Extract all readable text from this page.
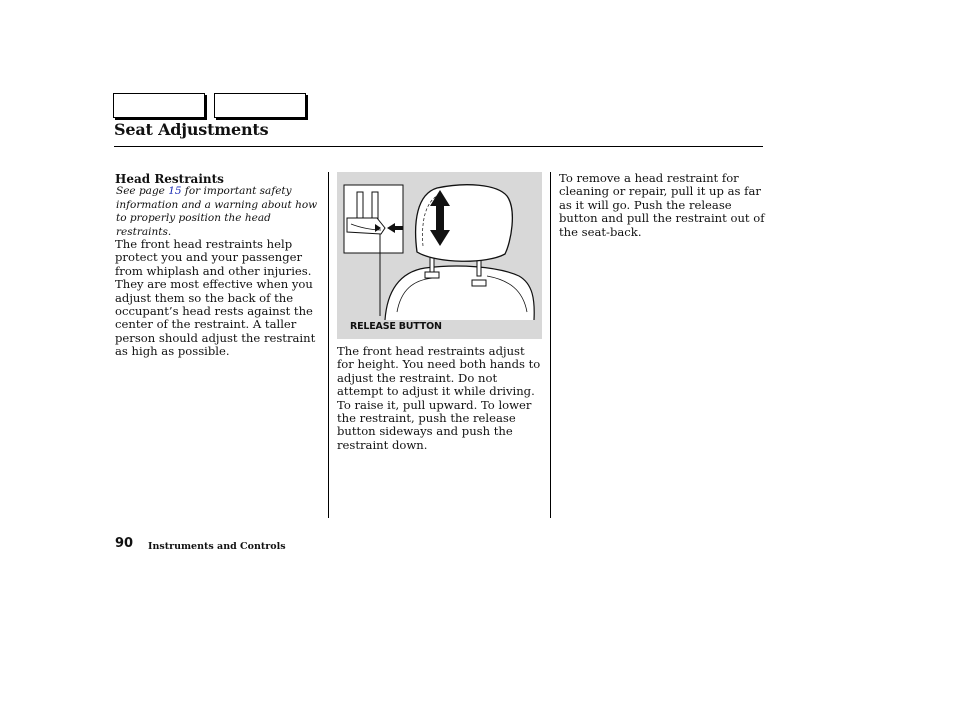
Seat Adjustments
Head Restraints
See page 15 for important safety information and a warning about how to properly position the head restraints.
The front head restraints help protect you and your passenger from whiplash and other injuries. They are most effective when you adjust them so the back of the occupant’s head rests against the center of the restraint. A taller person should adjust the restraint as high as possible.
RELEASE BUTTON
The front head restraints adjust for height. You need both hands to adjust the restraint. Do not attempt to adjust it while driving. To raise it, pull upward. To lower the restraint, push the release button sideways and push the restraint down.
To remove a head restraint for cleaning or repair, pull it up as far as it will go. Push the release button and pull the restraint out of the seat-back.
90 Instruments and Controls
